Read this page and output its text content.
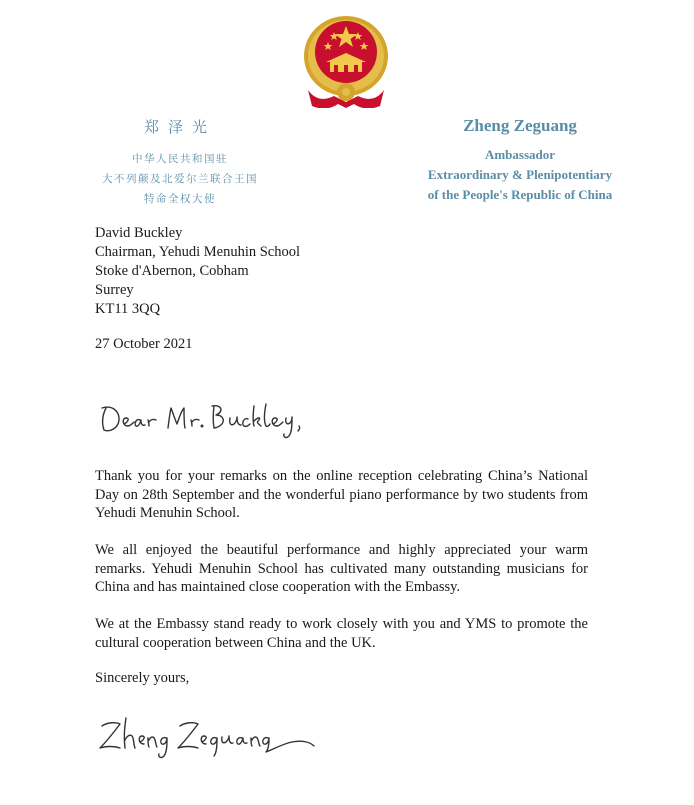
郑泽光
中华人民共和国驻
大不列颠及北爱尔兰联合王国
特命全权大使
Zheng Zeguang
Ambassador
Extraordinary & Plenipotentiary
of the People's Republic of China
David Buckley
Chairman, Yehudi Menuhin School
Stoke d'Abernon, Cobham
Surrey
KT11 3QQ
27 October 2021
Thank you for your remarks on the online reception celebrating China’s National Day on 28th September and the wonderful piano performance by two students from Yehudi Menuhin School.
We all enjoyed the beautiful performance and highly appreciated your warm remarks. Yehudi Menuhin School has cultivated many outstanding musicians for China and has maintained close cooperation with the Embassy.
We at the Embassy stand ready to work closely with you and YMS to promote the cultural cooperation between China and the UK.
Sincerely yours,
